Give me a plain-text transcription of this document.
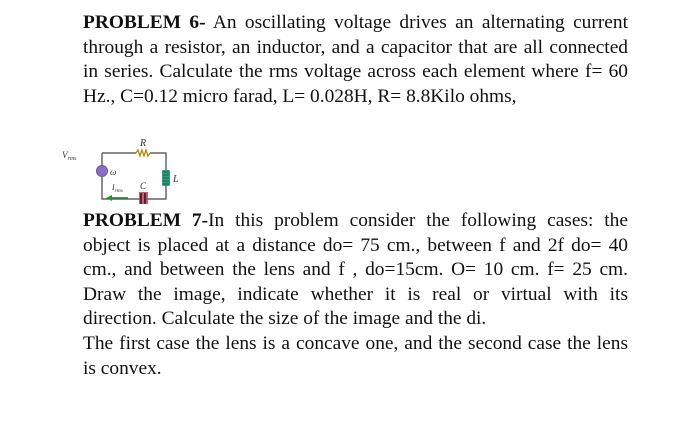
PROBLEM 6- An oscillating voltage drives an alternating current through a resistor, an inductor, and a capacitor that are all connected in series. Calculate the rms voltage across each element where f= 60 Hz., C=0.12 micro farad, L= 0.028H, R= 8.8Kilo ohms,

R
ω
$V_{rms}$
L
C
$I_{rms}$

PROBLEM 7-In this problem consider the following cases: the object is placed at a distance do= 75 cm., between f and 2f do= 40 cm., and between the lens and f , do=15cm. O= 10 cm. f= 25 cm. Draw the image, indicate whether it is real or virtual with its direction. Calculate the size of the image and the di.

The first case the lens is a concave one, and the second case the lens is convex.
